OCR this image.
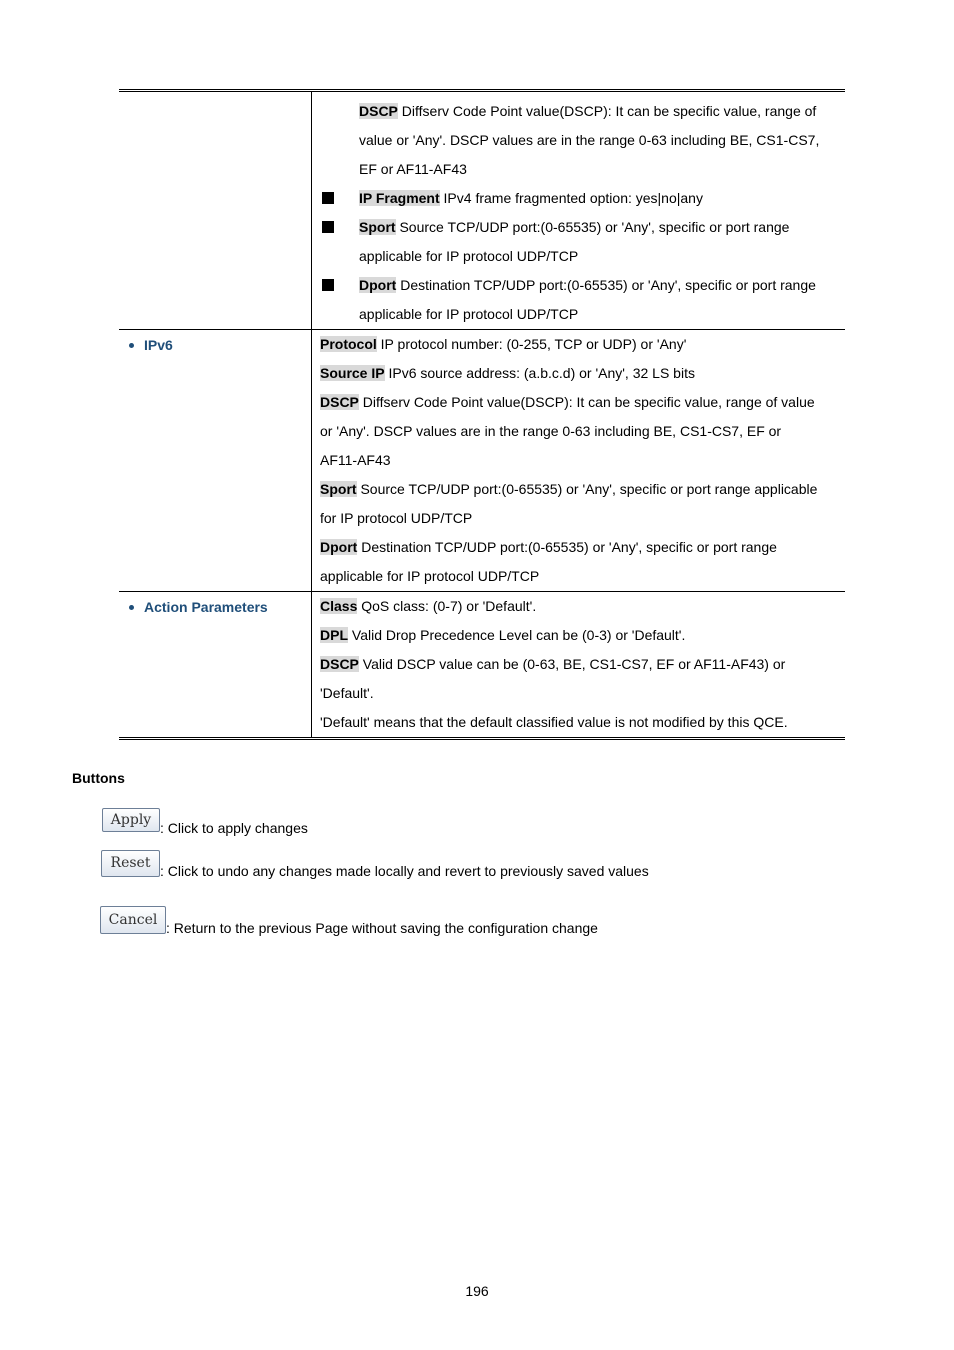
DSCP Diffserv Code Point value(DSCP): It can be specific value, range of
value or 'Any'. DSCP values are in the range 0-63 including BE, CS1-CS7,
EF or AF11-AF43
IP Fragment IPv4 frame fragmented option: yes|no|any
Sport Source TCP/UDP port:(0-65535) or 'Any', specific or port range
applicable for IP protocol UDP/TCP
Dport Destination TCP/UDP port:(0-65535) or 'Any', specific or port range
applicable for IP protocol UDP/TCP
IPv6	Protocol IP protocol number: (0-255, TCP or UDP) or 'Any'
Source IP IPv6 source address: (a.b.c.d) or 'Any', 32 LS bits
DSCP Diffserv Code Point value(DSCP): It can be specific value, range of value
or 'Any'. DSCP values are in the range 0-63 including BE, CS1-CS7, EF or
AF11-AF43
Sport Source TCP/UDP port:(0-65535) or 'Any', specific or port range applicable
for IP protocol UDP/TCP
Dport Destination TCP/UDP port:(0-65535) or 'Any', specific or port range
applicable for IP protocol UDP/TCP
Action Parameters	Class QoS class: (0-7) or 'Default'.
DPL Valid Drop Precedence Level can be (0-3) or 'Default'.
DSCP Valid DSCP value can be (0-63, BE, CS1-CS7, EF or AF11-AF43) or
'Default'.
'Default' means that the default classified value is not modified by this QCE.
Buttons
Apply : Click to apply changes
Reset : Click to undo any changes made locally and revert to previously saved values
Cancel : Return to the previous Page without saving the configuration change
196
